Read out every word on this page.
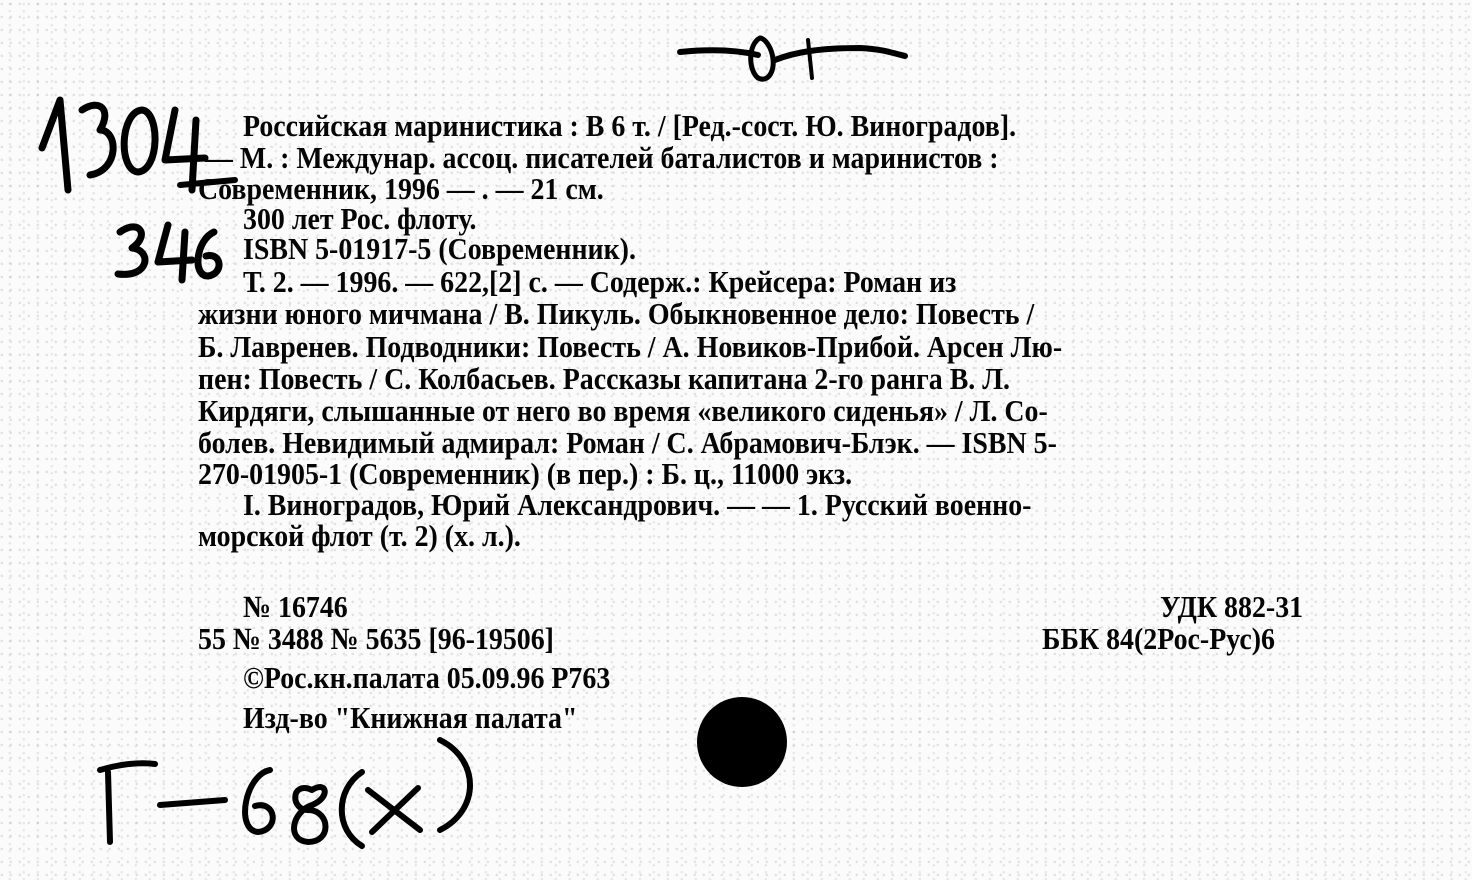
Российская маринистика : В 6 т. / [Ред.-сост. Ю. Виноградов].
— М. : Междунар. ассоц. писателей баталистов и маринистов :
Современник, 1996 — . — 21 см.
300 лет Рос. флоту.
ISBN 5-01917-5 (Современник).
Т. 2. — 1996. — 622,[2] с. — Содерж.: Крейсера: Роман из
жизни юного мичмана / В. Пикуль. Обыкновенное дело: Повесть /
Б. Лавренев. Подводники: Повесть / А. Новиков-Прибой. Арсен Лю-
пен: Повесть / С. Колбасьев. Рассказы капитана 2-го ранга В. Л.
Кирдяги, слышанные от него во время «великого сиденья» / Л. Со-
болев. Невидимый адмирал: Роман / С. Абрамович-Блэк. — ISBN 5-
270-01905-1 (Современник) (в пер.) : Б. ц., 11000 экз.
I. Виноградов, Юрий Александрович. — — 1. Русский военно-
морской флот (т. 2) (х. л.).
№ 16746
55 № 3488 № 5635 [96-19506]
©Рос.кн.палата 05.09.96 Р763
Изд-во "Книжная палата"
УДК 882-31
ББК 84(2Рос-Рус)6
